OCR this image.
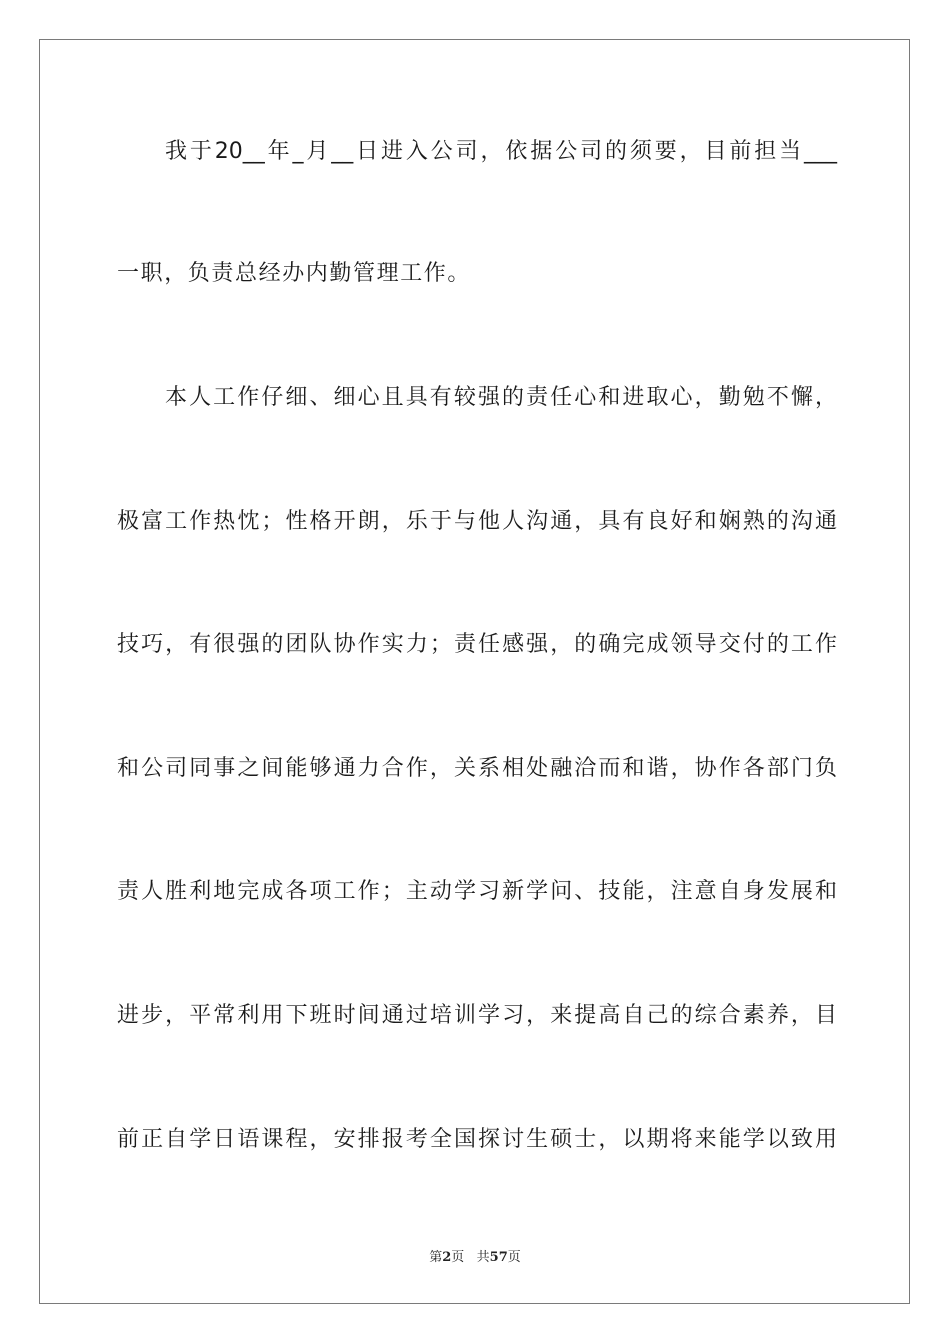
我于20__年_月__日进入公司，依据公司的须要，目前担当___
一职，负责总经办内勤管理工作。
本人工作仔细、细心且具有较强的责任心和进取心，勤勉不懈，
极富工作热忱；性格开朗，乐于与他人沟通，具有良好和娴熟的沟通
技巧，有很强的团队协作实力；责任感强，的确完成领导交付的工作
和公司同事之间能够通力合作，关系相处融洽而和谐，协作各部门负
责人胜利地完成各项工作；主动学习新学问、技能，注意自身发展和
进步，平常利用下班时间通过培训学习，来提高自己的综合素养，目
前正自学日语课程，安排报考全国探讨生硕士，以期将来能学以致用
第2页   共57页
